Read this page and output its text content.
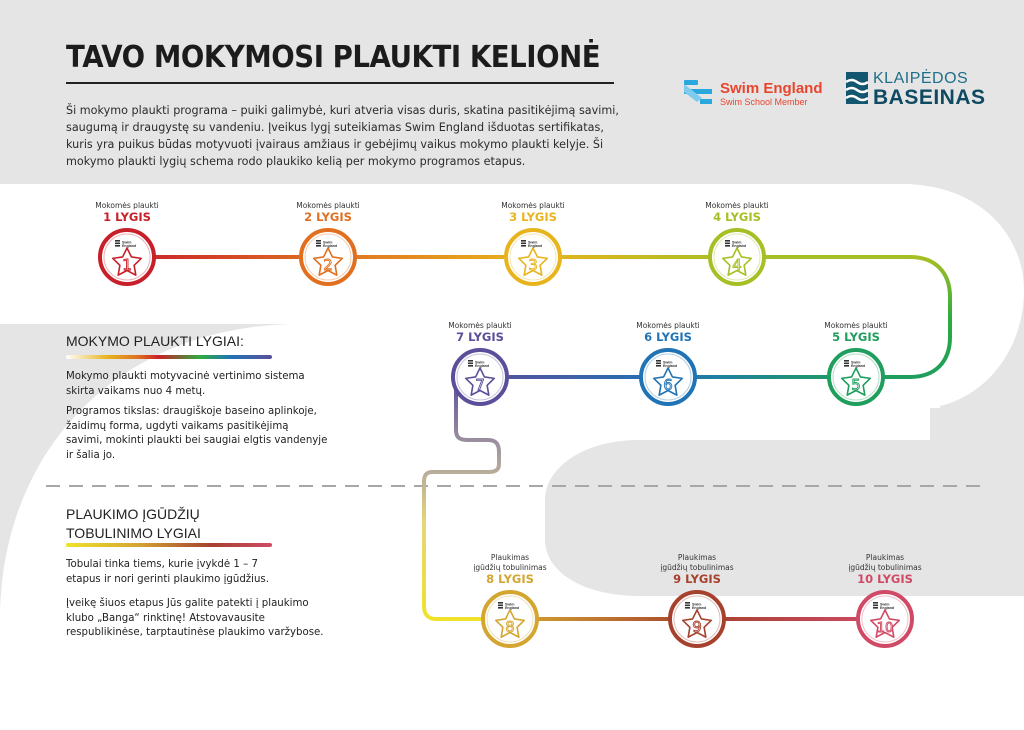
Swim
England
1
Swim
England
2
Swim
England
3
Swim
England
4
Swim
England
5
Swim
England
6
Swim
England
7
Swim
England
8
Swim
England
9
Swim
England
10
Mokomės plaukti
1 LYGIS
Mokomės plaukti
2 LYGIS
Mokomės plaukti
3 LYGIS
Mokomės plaukti
4 LYGIS
Mokomės plaukti
5 LYGIS
Mokomės plaukti
6 LYGIS
Mokomės plaukti
7 LYGIS
Plaukimas
įgūdžių tobulinimas
8 LYGIS
Plaukimas
įgūdžių tobulinimas
9 LYGIS
Plaukimas
įgūdžių tobulinimas
10 LYGIS
TAVO MOKYMOSI PLAUKTI KELIONĖ

Ši mokymo plaukti programa – puiki galimybė, kuri atveria visas duris, skatina pasitikėjimą savimi, saugumą ir draugystę su vandeniu. Įveikus lygį suteikiamas Swim England išduotas sertifikatas, kuris yra puikus būdas motyvuoti įvairaus amžiaus ir gebėjimų vaikus mokymo plaukti kelyje. Ši mokymo plaukti lygių schema rodo plaukiko kelią per mokymo programos etapus.

Swim England
Swim School Member
KLAIPĖDOS
BASEINAS

MOKYMO PLAUKTI LYGIAI:

Mokymo plaukti motyvacinė vertinimo sistema skirta vaikams nuo 4 metų.

Programos tikslas: draugiškoje baseino aplinkoje, žaidimų forma, ugdyti vaikams pasitikėjimą savimi, mokinti plaukti bei saugiai elgtis vandenyje ir šalia jo.

PLAUKIMO ĮGŪDŽIŲ

TOBULINIMO LYGIAI

Tobulai tinka tiems, kurie įvykdė 1 – 7 etapus ir nori gerinti plaukimo įgūdžius.

Įveikę šiuos etapus Jūs galite patekti į plaukimo klubo „Banga“ rinktinę! Atstovavausite respublikinėse, tarptautinėse plaukimo varžybose.
